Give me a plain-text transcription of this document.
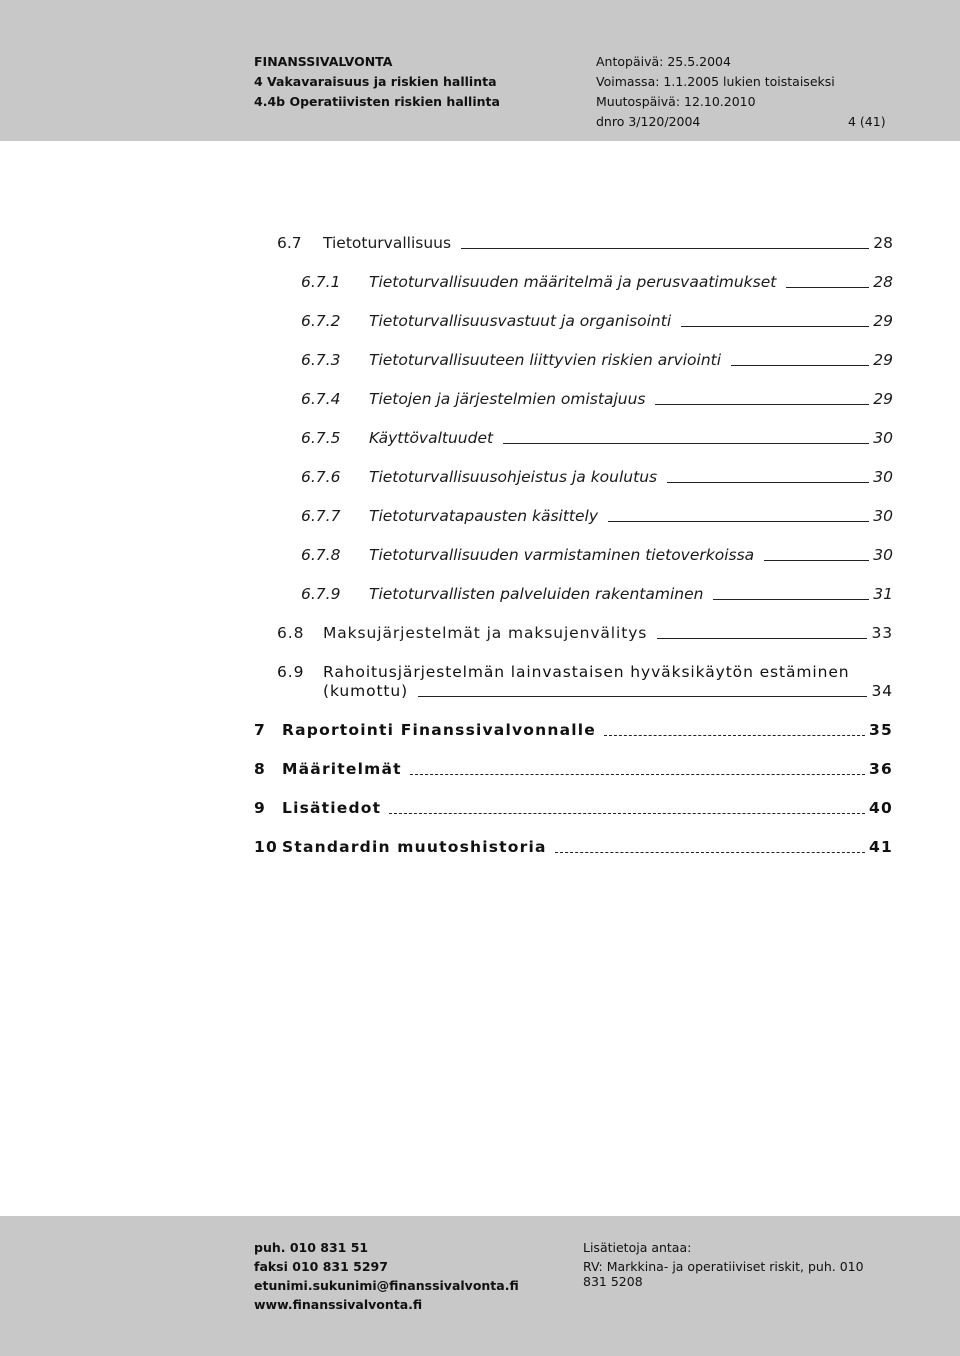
FINANSSIVALVONTA
4 Vakavaraisuus ja riskien hallinta
4.4b Operatiivisten riskien hallinta
Antopäivä: 25.5.2004
Voimassa: 1.1.2005 lukien toistaiseksi
Muutospäivä: 12.10.2010
dnro 3/120/2004	4 (41)
6.7	Tietoturvallisuus	28
6.7.1	Tietoturvallisuuden määritelmä ja perusvaatimukset	28
6.7.2	Tietoturvallisuusvastuut ja organisointi	29
6.7.3	Tietoturvallisuuteen liittyvien riskien arviointi	29
6.7.4	Tietojen ja järjestelmien omistajuus	29
6.7.5	Käyttövaltuudet	30
6.7.6	Tietoturvallisuusohjeistus ja koulutus	30
6.7.7	Tietoturvatapausten käsittely	30
6.7.8	Tietoturvallisuuden varmistaminen tietoverkoissa	30
6.7.9	Tietoturvallisten palveluiden rakentaminen	31
6.8	Maksujärjestelmät ja maksujenvälitys	33
6.9	Rahoitusjärjestelmän lainvastaisen hyväksikäytön estäminen
(kumottu)	34
7	Raportointi Finanssivalvonnalle	35
8	Määritelmät	36
9	Lisätiedot	40
10 Standardin muutoshistoria	41
puh. 010 831 51
faksi 010 831 5297
etunimi.sukunimi@finanssivalvonta.fi
www.finanssivalvonta.fi
Lisätietoja antaa:
RV: Markkina- ja operatiiviset riskit, puh. 010
831 5208
